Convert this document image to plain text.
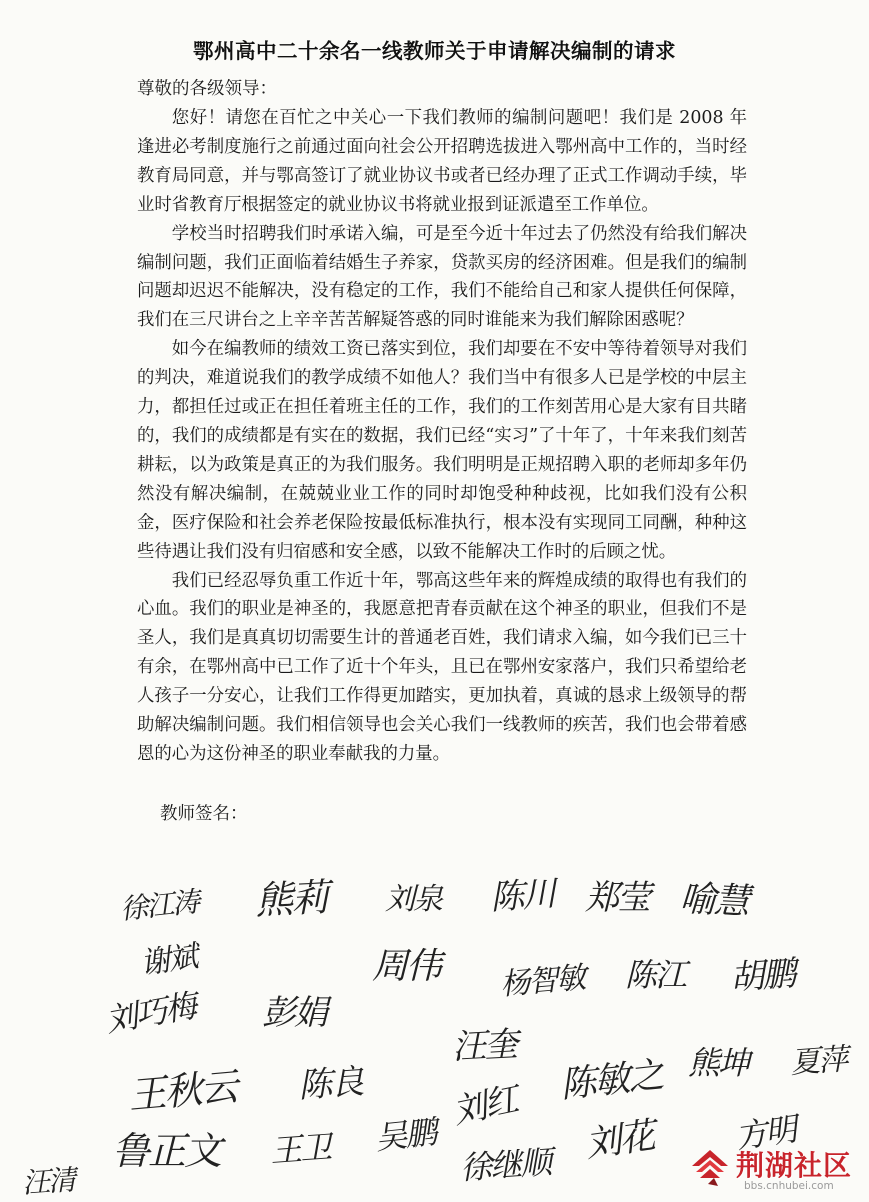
鄂州高中二十余名一线教师关于申请解决编制的请求
尊敬的各级领导：

您好！请您在百忙之中关心一下我们教师的编制问题吧！我们是 2008 年逢进必考制度施行之前通过面向社会公开招聘选拔进入鄂州高中工作的，当时经教育局同意，并与鄂高签订了就业协议书或者已经办理了正式工作调动手续，毕业时省教育厅根据签定的就业协议书将就业报到证派遣至工作单位。

学校当时招聘我们时承诺入编，可是至今近十年过去了仍然没有给我们解决编制问题，我们正面临着结婚生子养家，贷款买房的经济困难。但是我们的编制问题却迟迟不能解决，没有稳定的工作，我们不能给自己和家人提供任何保障，我们在三尺讲台之上辛辛苦苦解疑答惑的同时谁能来为我们解除困惑呢？

如今在编教师的绩效工资已落实到位，我们却要在不安中等待着领导对我们的判决，难道说我们的教学成绩不如他人？我们当中有很多人已是学校的中层主力，都担任过或正在担任着班主任的工作，我们的工作刻苦用心是大家有目共睹的，我们的成绩都是有实在的数据，我们已经“实习”了十年了，十年来我们刻苦耕耘，以为政策是真正的为我们服务。我们明明是正规招聘入职的老师却多年仍然没有解决编制，在兢兢业业工作的同时却饱受种种歧视，比如我们没有公积金，医疗保险和社会养老保险按最低标准执行，根本没有实现同工同酬，种种这些待遇让我们没有归宿感和安全感，以致不能解决工作时的后顾之忧。

我们已经忍辱负重工作近十年，鄂高这些年来的辉煌成绩的取得也有我们的心血。我们的职业是神圣的，我愿意把青春贡献在这个神圣的职业，但我们不是圣人，我们是真真切切需要生计的普通老百姓，我们请求入编，如今我们已三十有余，在鄂州高中已工作了近十个年头，且已在鄂州安家落户，我们只希望给老人孩子一分安心，让我们工作得更加踏实，更加执着，真诚的恳求上级领导的帮助解决编制问题。我们相信领导也会关心我们一线教师的疾苦，我们也会带着感恩的心为这份神圣的职业奉献我的力量。

教师签名：
徐江涛 熊莉 刘泉 陈川 郑莹 喻慧
谢斌	周伟 杨智敏 陈江 胡鹏
刘巧梅 彭娟
汪奎
王秋云 陈良	刘红 陈敏之 熊坤 夏萍
鲁正文 王卫 吴鹏
徐继顺 刘花 方明
汪清	荆湖社区
bbs.cnhubei.com
